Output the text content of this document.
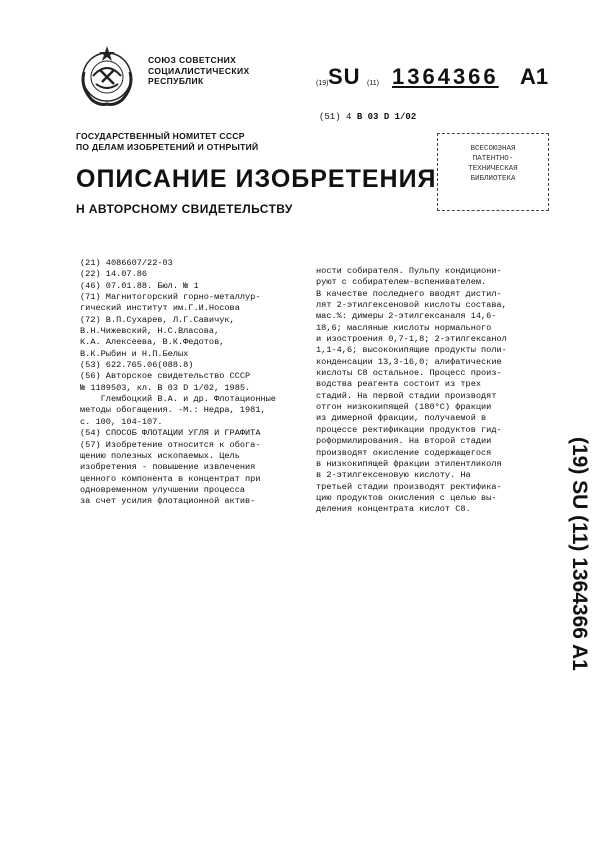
СОЮЗ СОВЕТСНИХ
СОЦИАЛИСТИЧЕСКИХ
РЕСПУБЛИК	(19) SU (11) 1364366 A1
(51) 4 B 03 D 1/02
ГОСУДАРСТВЕННЫЙ НОМИТЕТ СССР
ПО ДЕЛАМ ИЗОБРЕТЕНИЙ И ОТНРЫТИЙ	ВСЕСОЮЗНАЯ
ПАТЕНТНО-
ТЕХНИЧЕСКАЯ
БИБЛИОТЕКА
ОПИСАНИЕ ИЗОБРЕТЕНИЯ
Н АВТОРСНОМУ СВИДЕТЕЛЬСТВУ
(21) 4086607/22-03
(22) 14.07.86
(46) 07.01.88. Бюл. № 1
(71) Магнитогорский горно-металлур-
гический институт им.Г.И.Носова
(72) В.П.Сухарев, Л.Г.Савичук,
В.Н.Чижевский, Н.С.Власова,
К.А. Алексеева, В.К.Федотов,
В.К.Рыбин и Н.П.Белых
(53) 622.765.06(088.8)
(56) Авторское свидетельство СССР
№ 1189503, кл. В 03 D 1/02, 1985.
Глембоцкий В.А. и др. Флотационные
методы обогащения. -М.: Недра, 1981,
с. 100, 104-107.
(54) СПОСОБ ФЛОТАЦИИ УГЛЯ И ГРАФИТА
(57) Изобретение относится к обога-
щению полезных ископаемых. Цель
изобретения - повышение извлечения
ценного компонента в концентрат при
одновременном улучшении процесса
за счет усилия флотационной актив-
ности собирателя. Пульпу кондициони-
руют с собирателем-вспенивателем.
В качестве последнего вводят дистил-
лят 2-этилгексеновой кислоты состава,
мас.%: димеры 2-этилгексаналя 14,6-
18,6; масляные кислоты нормального
и изостроения 0,7-1,8; 2-этилгексанол
1,1-4,6; высококипящие продукты поли-
конденсации 13,3-16,0; алифатические
кислоты С8 остальное. Процесс произ-
водства реагента состоит из трех
стадий. На первой стадии производят
отгон низкокипящей (180°С) фракции
из димерной фракции, получаемой в
процессе ректификации продуктов гид-
роформилирования. На второй стадии
производят окисление содержащегося
в низкокипящей фракции этилентликоля
в 2-этилгексеновую кислоту. На
третьей стадии производят ректифика-
цию продуктов окисления с целью вы-
деления концентрата кислот С8.	(19) SU (11) 1364366 A1
